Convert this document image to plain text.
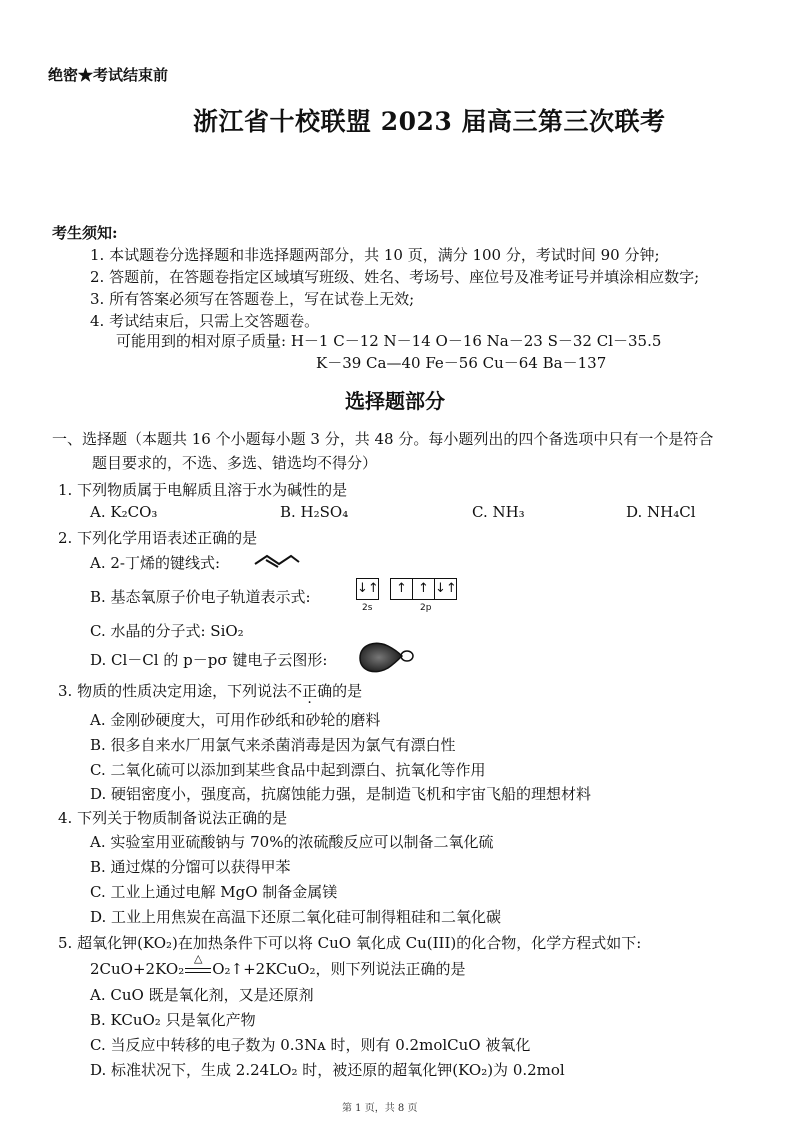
绝密★考试结束前
浙江省十校联盟 2023 届高三第三次联考
考生须知:
1. 本试题卷分选择题和非选择题两部分，共 10 页，满分 100 分，考试时间 90 分钟;
2. 答题前，在答题卷指定区域填写班级、姓名、考场号、座位号及准考证号并填涂相应数字;
3. 所有答案必须写在答题卷上，写在试卷上无效;
4. 考试结束后，只需上交答题卷。
可能用到的相对原子质量: H－1 C－12 N－14 O－16 Na－23 S－32 Cl－35.5
K－39 Ca—40 Fe－56 Cu－64 Ba－137
选择题部分
一、选择题（本题共 16 个小题每小题 3 分，共 48 分。每小题列出的四个备选项中只有一个是符合
题目要求的，不选、多选、错选均不得分）
1. 下列物质属于电解质且溶于水为碱性的是
A. K₂CO₃	B. H₂SO₄	C. NH₃	D. NH₄Cl
2. 下列化学用语表述正确的是
A. 2-丁烯的键线式:
B. 基态氧原子价电子轨道表示式:	↓↑	↑ ↑ ↓↑
2s	2p
C. 水晶的分子式: SiO₂
D. Cl－Cl 的 p－pσ 键电子云图形:
3. 物质的性质决定用途，下列说法不正确的是
A. 金刚砂硬度大，可用作砂纸和砂轮的磨料
B. 很多自来水厂用氯气来杀菌消毒是因为氯气有漂白性
C. 二氧化硫可以添加到某些食品中起到漂白、抗氧化等作用
D. 硬铝密度小，强度高，抗腐蚀能力强，是制造飞机和宇宙飞船的理想材料
4. 下列关于物质制备说法正确的是
A. 实验室用亚硫酸钠与 70%的浓硫酸反应可以制备二氧化硫
B. 通过煤的分馏可以获得甲苯
C. 工业上通过电解 MgO 制备金属镁
D. 工业上用焦炭在高温下还原二氧化硅可制得粗硅和二氧化碳
5. 超氧化钾(KO₂)在加热条件下可以将 CuO 氧化成 Cu(III)的化合物，化学方程式如下:
2CuO+2KO₂
△
O₂↑+2KCuO₂，则下列说法正确的是
A. CuO 既是氧化剂，又是还原剂
B. KCuO₂ 只是氧化产物
C. 当反应中转移的电子数为 0.3Nᴀ 时，则有 0.2molCuO 被氧化
D. 标准状况下，生成 2.24LO₂ 时，被还原的超氧化钾(KO₂)为 0.2mol
第 1 页，共 8 页
